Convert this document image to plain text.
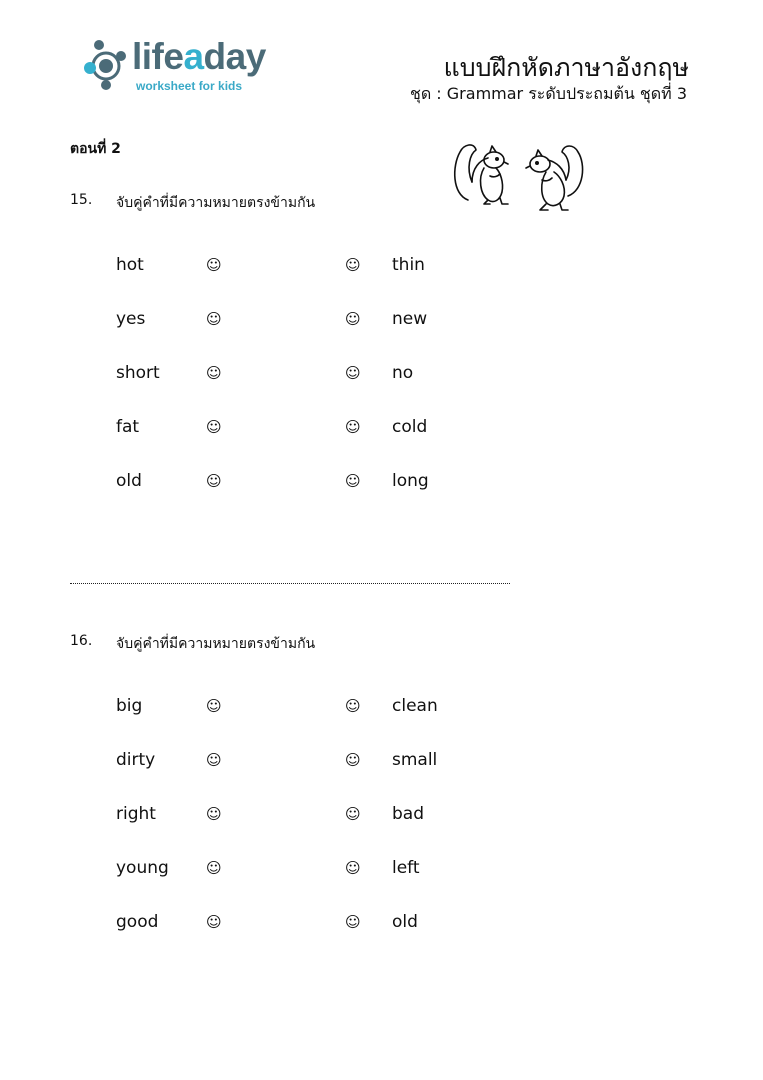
lifeaday
worksheet for kids
แบบฝึกหัดภาษาอังกฤษ
ชุด : Grammar ระดับประถมต้น ชุดที่ 3
ตอนที่ 2
15. จับคู่คำที่มีความหมายตรงข้ามกัน
hot	☺	☺ thin
yes	☺	☺ new
short	☺	☺ no
fat	☺	☺ cold
old	☺	☺ long
16. จับคู่คำที่มีความหมายตรงข้ามกัน
big	☺	☺ clean
dirty	☺	☺ small
right	☺	☺ bad
young ☺	☺ left
good	☺	☺ old
